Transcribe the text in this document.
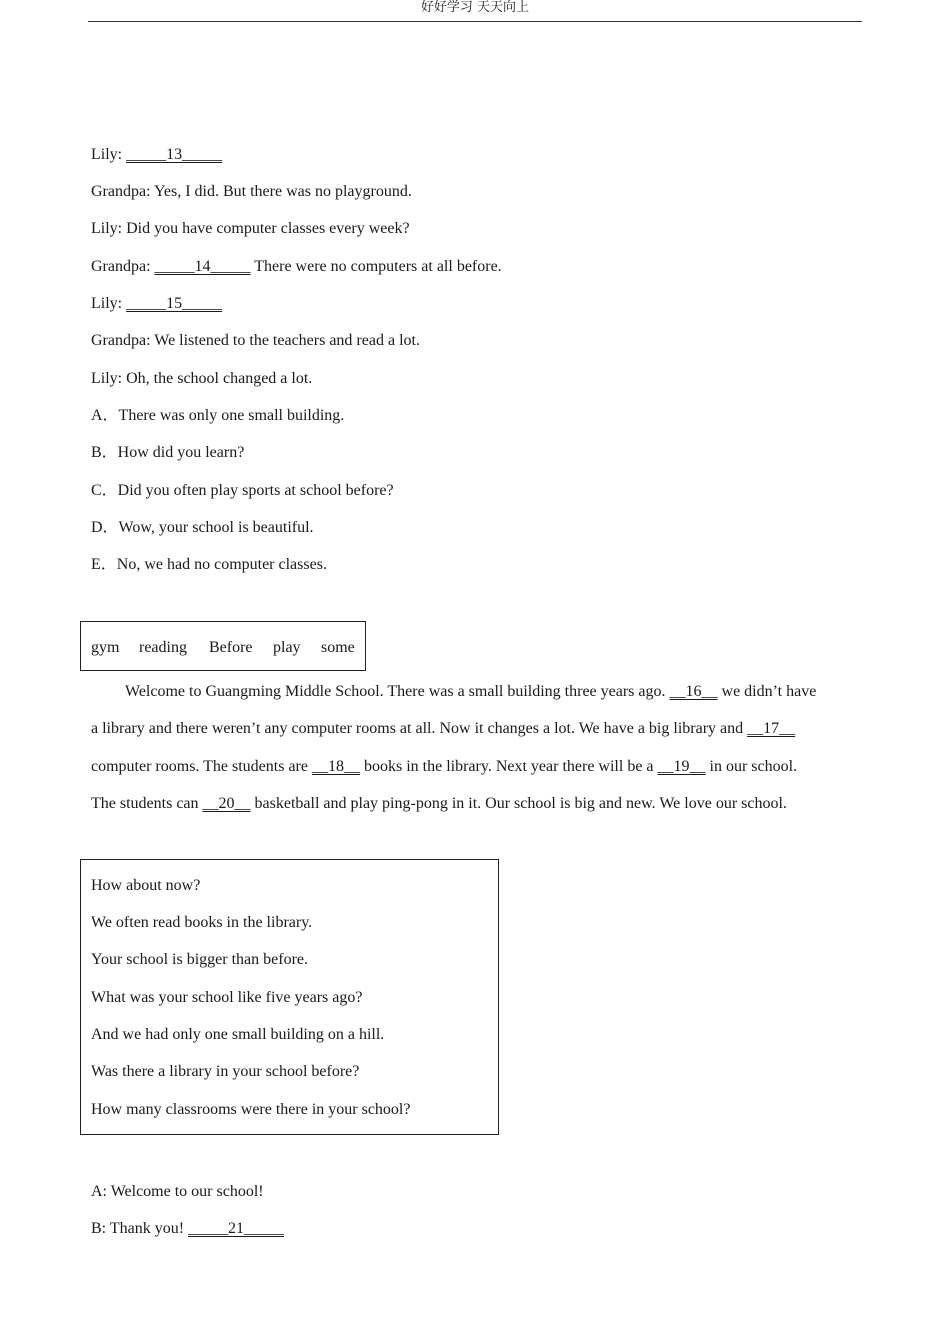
好好学习 天天向上
Lily: _____13_____
Grandpa: Yes, I did. But there was no playground.
Lily: Did you have computer classes every week?
Grandpa: _____14_____ There were no computers at all before.
Lily: _____15_____
Grandpa: We listened to the teachers and read a lot.
Lily: Oh, the school changed a lot.
A．There was only one small building.
B．How did you learn?
C．Did you often play sports at school before?
D．Wow, your school is beautiful.
E．No, we had no computer classes.
gym reading Before play some
Welcome to Guangming Middle School. There was a small building three years ago. __16__ we didn’t have
a library and there weren’t any computer rooms at all. Now it changes a lot. We have a big library and __17__
computer rooms. The students are __18__ books in the library. Next year there will be a __19__ in our school.
The students can __20__ basketball and play ping-pong in it. Our school is big and new. We love our school.
How about now?
We often read books in the library.
Your school is bigger than before.
What was your school like five years ago?
And we had only one small building on a hill.
Was there a library in your school before?
How many classrooms were there in your school?
A: Welcome to our school!
B: Thank you! _____21_____
